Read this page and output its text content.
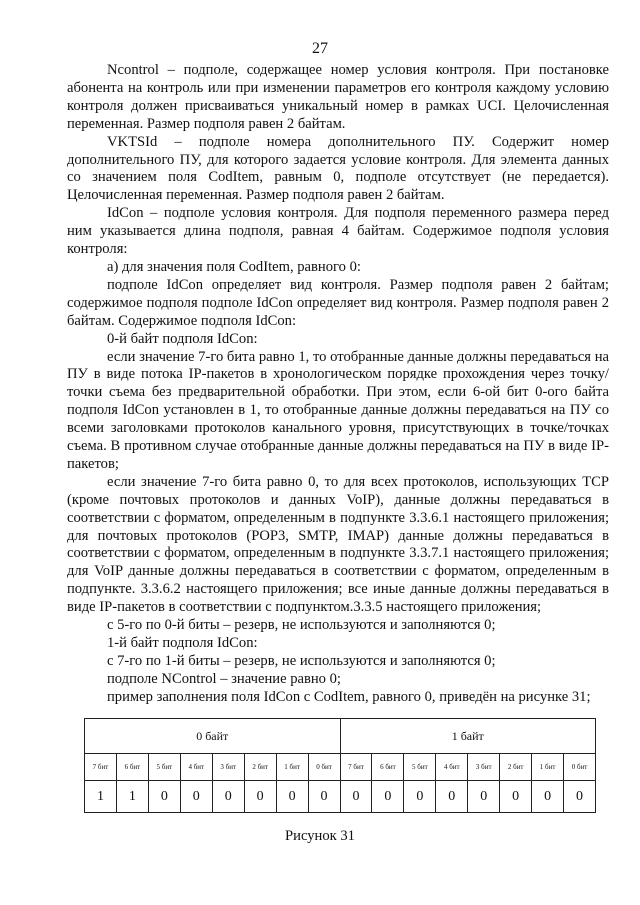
27

Ncontrol – подполе, содержащее номер условия контроля. При постановке абонента на контроль или при изменении параметров его контроля каждому условию контроля должен присваиваться уникальный номер в рамках UCI. Целочисленная переменная. Размер подполя равен 2 байтам.

VKTSId – подполе номера дополнительного ПУ. Содержит номер дополнительного ПУ, для которого задается условие контроля. Для элемента данных со значением поля CodItem, равным 0, подполе отсутствует (не передается). Целочисленная переменная. Размер подполя равен 2 байтам.

IdCon – подполе условия контроля. Для подполя переменного размера перед ним указывается длина подполя, равная 4 байтам. Содержимое подполя условия контроля:

а) для значения поля CodItem, равного 0:

подполе IdCon определяет вид контроля. Размер подполя равен 2 байтам; содержимое подполя подполе IdCon определяет вид контроля. Размер подполя равен 2 байтам. Содержимое подполя IdCon:

0-й байт подполя IdCon:

если значение 7-го бита равно 1, то отобранные данные должны передаваться на ПУ в виде потока IP-пакетов в хронологическом порядке прохождения через точку/точки съема без предварительной обработки. При этом, если 6-ой бит 0-ого байта подполя IdCon установлен в 1, то отобранные данные должны передаваться на ПУ со всеми заголовками протоколов канального уровня, присутствующих в точке/точках съема. В противном случае отобранные данные должны передаваться на ПУ в виде IP-пакетов;

если значение 7-го бита равно 0, то для всех протоколов, использующих TCP (кроме почтовых протоколов и данных VoIP), данные должны передаваться в соответствии с форматом, определенным в подпункте 3.3.6.1 настоящего приложения; для почтовых протоколов (POP3, SMTP, IMAP) данные должны передаваться в соответствии с форматом, определенным в подпункте 3.3.7.1 настоящего приложения; для VoIP данные должны передаваться в соответствии с форматом, определенным в подпункте. 3.3.6.2 настоящего приложения; все иные данные должны передаваться в виде IP-пакетов в соответствии с подпунктом.3.3.5 настоящего приложения;

с 5-го по 0-й биты – резерв, не используются и заполняются 0;

1-й байт подполя IdCon:

с 7-го по 1-й биты – резерв, не используются и заполняются 0;

подполе NControl – значение равно 0;

пример заполнения поля IdCon с CodItem, равного 0, приведён на рисунке 31;

0 байт								1 байт							
7 бит	6 бит	5 бит	4 бит	3 бит	2 бит	1 бит	0 бит	7 бит	6 бит	5 бит	4 бит	3 бит	2 бит	1 бит	0 бит
1	1	0	0	0	0	0	0	0	0	0	0	0	0	0	0
Рисунок 31
